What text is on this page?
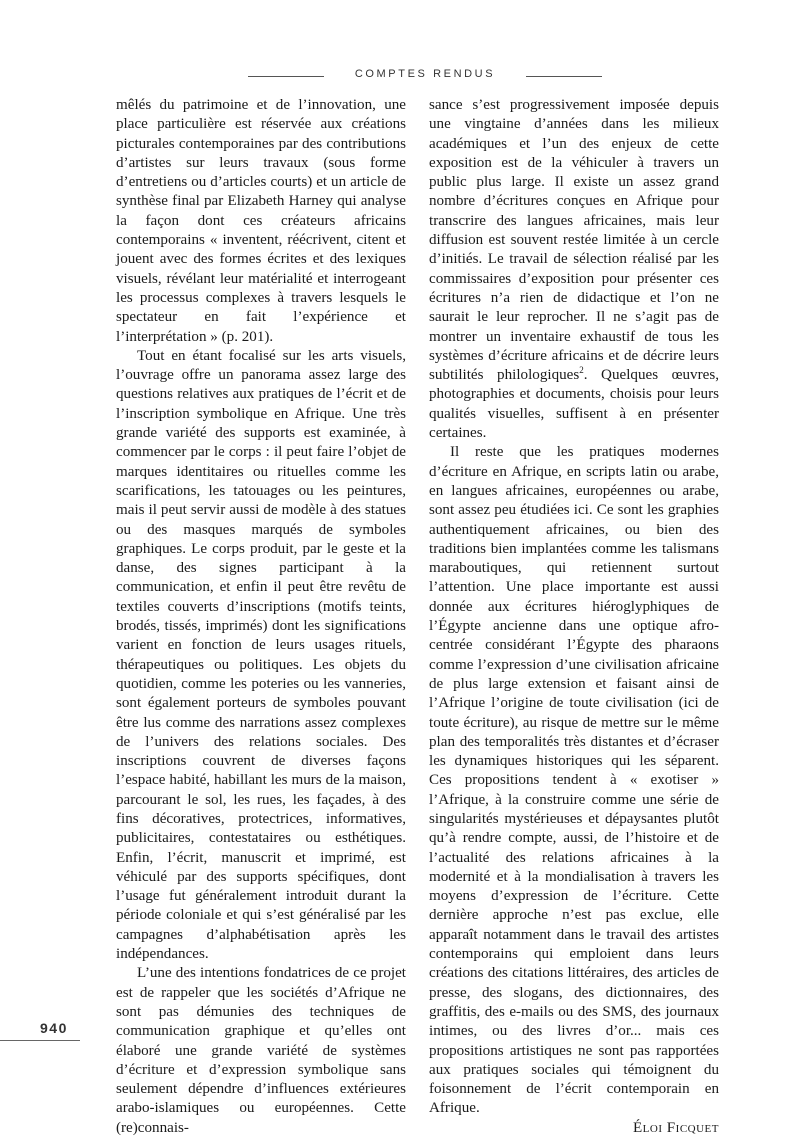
COMPTES RENDUS

mêlés du patrimoine et de l’innovation, une place particulière est réservée aux créations picturales contemporaines par des contributions d’artistes sur leurs travaux (sous forme d’entretiens ou d’articles courts) et un article de synthèse final par Elizabeth Harney qui analyse la façon dont ces créateurs africains contemporains « inventent, réécrivent, citent et jouent avec des formes écrites et des lexiques visuels, révélant leur matérialité et interrogeant les processus complexes à travers lesquels le spectateur en fait l’expérience et l’interprétation » (p. 201).

Tout en étant focalisé sur les arts visuels, l’ouvrage offre un panorama assez large des questions relatives aux pratiques de l’écrit et de l’inscription symbolique en Afrique. Une très grande variété des supports est examinée, à commencer par le corps : il peut faire l’objet de marques identitaires ou rituelles comme les scarifications, les tatouages ou les peintures, mais il peut servir aussi de modèle à des statues ou des masques marqués de symboles graphiques. Le corps produit, par le geste et la danse, des signes participant à la communication, et enfin il peut être revêtu de textiles couverts d’inscriptions (motifs teints, brodés, tissés, imprimés) dont les significations varient en fonction de leurs usages rituels, thérapeutiques ou politiques. Les objets du quotidien, comme les poteries ou les vanneries, sont également porteurs de symboles pouvant être lus comme des narrations assez complexes de l’univers des relations sociales. Des inscriptions couvrent de diverses façons l’espace habité, habillant les murs de la maison, parcourant le sol, les rues, les façades, à des fins décoratives, protectrices, informatives, publicitaires, contestataires ou esthétiques. Enfin, l’écrit, manuscrit et imprimé, est véhiculé par des supports spécifiques, dont l’usage fut généralement introduit durant la période coloniale et qui s’est généralisé par les campagnes d’alphabétisation après les indépendances.

L’une des intentions fondatrices de ce projet est de rappeler que les sociétés d’Afrique ne sont pas démunies des techniques de communication graphique et qu’elles ont élaboré une grande variété de systèmes d’écriture et d’expression symbolique sans seulement dépendre d’influences extérieures arabo-islamiques ou européennes. Cette (re)connais-

sance s’est progressivement imposée depuis une vingtaine d’années dans les milieux académiques et l’un des enjeux de cette exposition est de la véhiculer à travers un public plus large. Il existe un assez grand nombre d’écritures conçues en Afrique pour transcrire des langues africaines, mais leur diffusion est souvent restée limitée à un cercle d’initiés. Le travail de sélection réalisé par les commissaires d’exposition pour présenter ces écritures n’a rien de didactique et l’on ne saurait le leur reprocher. Il ne s’agit pas de montrer un inventaire exhaustif de tous les systèmes d’écriture africains et de décrire leurs subtilités philologiques$^2$. Quelques œuvres, photographies et documents, choisis pour leurs qualités visuelles, suffisent à en présenter certaines.

Il reste que les pratiques modernes d’écriture en Afrique, en scripts latin ou arabe, en langues africaines, européennes ou arabe, sont assez peu étudiées ici. Ce sont les graphies authentiquement africaines, ou bien des traditions bien implantées comme les talismans maraboutiques, qui retiennent surtout l’attention. Une place importante est aussi donnée aux écritures hiéroglyphiques de l’Égypte ancienne dans une optique afro-centrée considérant l’Égypte des pharaons comme l’expression d’une civilisation africaine de plus large extension et faisant ainsi de l’Afrique l’origine de toute civilisation (ici de toute écriture), au risque de mettre sur le même plan des temporalités très distantes et d’écraser les dynamiques historiques qui les séparent. Ces propositions tendent à « exotiser » l’Afrique, à la construire comme une série de singularités mystérieuses et dépaysantes plutôt qu’à rendre compte, aussi, de l’histoire et de l’actualité des relations africaines à la modernité et à la mondialisation à travers les moyens d’expression de l’écriture. Cette dernière approche n’est pas exclue, elle apparaît notamment dans le travail des artistes contemporains qui emploient dans leurs créations des citations littéraires, des articles de presse, des slogans, des dictionnaires, des graffitis, des e-mails ou des SMS, des journaux intimes, ou des livres d’or... mais ces propositions artistiques ne sont pas rapportées aux pratiques sociales qui témoignent du foisonnement de l’écrit contemporain en Afrique.

Éloi Ficquet

940
